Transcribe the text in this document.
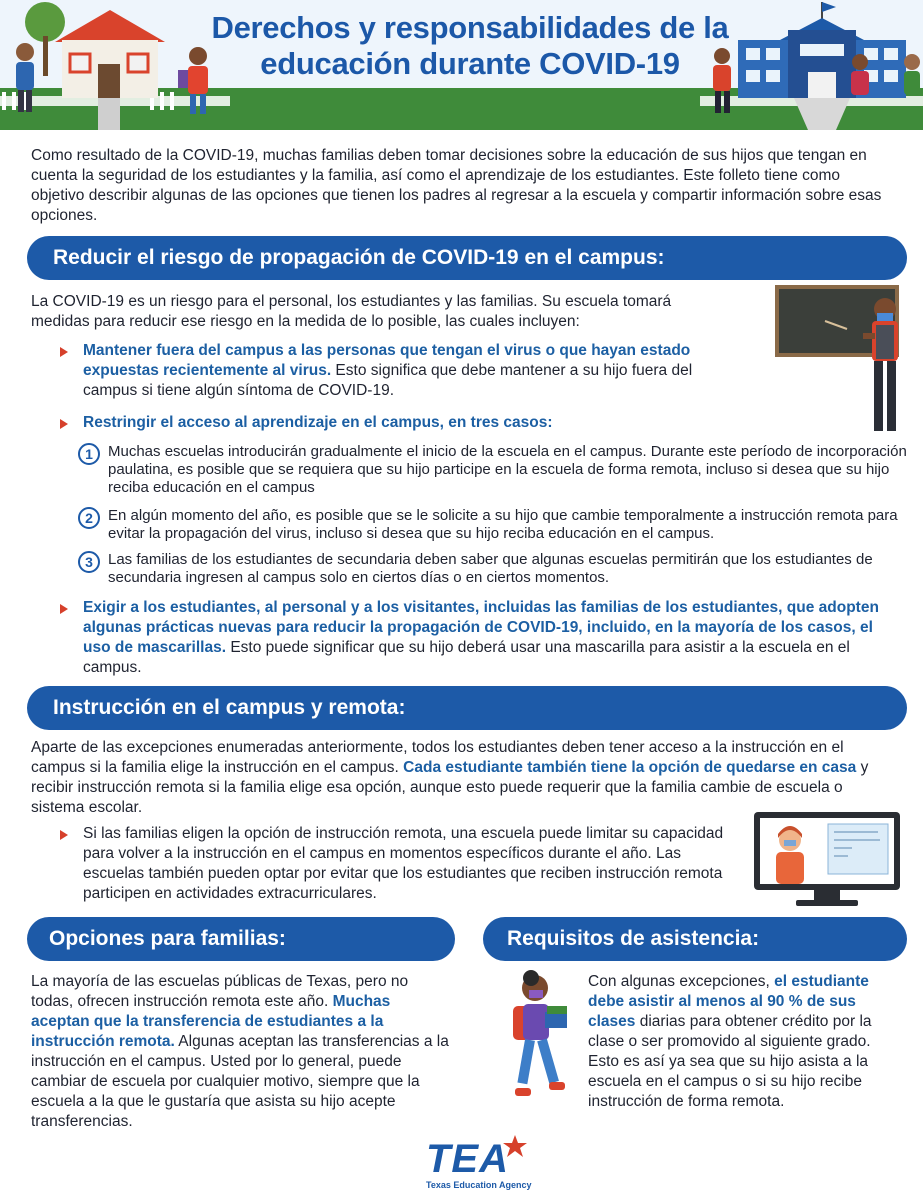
Derechos y responsabilidades de la
educación durante COVID-19

Como resultado de la COVID-19, muchas familias deben tomar decisiones sobre la educación de sus hijos que tengan en cuenta la seguridad de los estudiantes y la familia, así como el aprendizaje de los estudiantes. Este folleto tiene como objetivo describir algunas de las opciones que tienen los padres al regresar a la escuela y compartir información sobre esas opciones.

Reducir el riesgo de propagación de COVID-19 en el campus:

La COVID-19 es un riesgo para el personal, los estudiantes y las familias. Su escuela tomará medidas para reducir ese riesgo en la medida de lo posible, las cuales incluyen:

Mantener fuera del campus a las personas que tengan el virus o que hayan estado expuestas recientemente al virus. Esto significa que debe mantener a su hijo fuera del campus si tiene algún síntoma de COVID-19.

Restringir el acceso al aprendizaje en el campus, en tres casos:

1	Muchas escuelas introducirán gradualmente el inicio de la escuela en el campus. Durante este período de incorporación paulatina, es posible que se requiera que su hijo participe en la escuela de forma remota, incluso si desea que su hijo reciba educación en el campus

2	En algún momento del año, es posible que se le solicite a su hijo que cambie temporalmente a instrucción remota para evitar la propagación del virus, incluso si desea que su hijo reciba educación en el campus.

3	Las familias de los estudiantes de secundaria deben saber que algunas escuelas permitirán que los estudiantes de secundaria ingresen al campus solo en ciertos días o en ciertos momentos.

Exigir a los estudiantes, al personal y a los visitantes, incluidas las familias de los estudiantes, que adopten algunas prácticas nuevas para reducir la propagación de COVID-19, incluido, en la mayoría de los casos, el uso de mascarillas. Esto puede significar que su hijo deberá usar una mascarilla para asistir a la escuela en el campus.

Instrucción en el campus y remota:

Aparte de las excepciones enumeradas anteriormente, todos los estudiantes deben tener acceso a la instrucción en el campus si la familia elige la instrucción en el campus. Cada estudiante también tiene la opción de quedarse en casa y recibir instrucción remota si la familia elige esa opción, aunque esto puede requerir que la familia cambie de escuela o sistema escolar.

Si las familias eligen la opción de instrucción remota, una escuela puede limitar su capacidad para volver a la instrucción en el campus en momentos específicos durante el año. Las escuelas también pueden optar por evitar que los estudiantes que reciben instrucción remota participen en actividades extracurriculares.

Opciones para familias:

La mayoría de las escuelas públicas de Texas, pero no todas, ofrecen instrucción remota este año. Muchas aceptan que la transferencia de estudiantes a la instrucción remota. Algunas aceptan las transferencias a la instrucción en el campus. Usted por lo general, puede cambiar de escuela por cualquier motivo, siempre que la escuela a la que le gustaría que asista su hijo acepte transferencias.

Requisitos de asistencia:

Con algunas excepciones, el estudiante debe asistir al menos al 90 % de sus clases diarias para obtener crédito por la clase o ser promovido al siguiente grado. Esto es así ya sea que su hijo asista a la escuela en el campus o si su hijo recibe instrucción de forma remota.

TEA
Texas Education Agency
